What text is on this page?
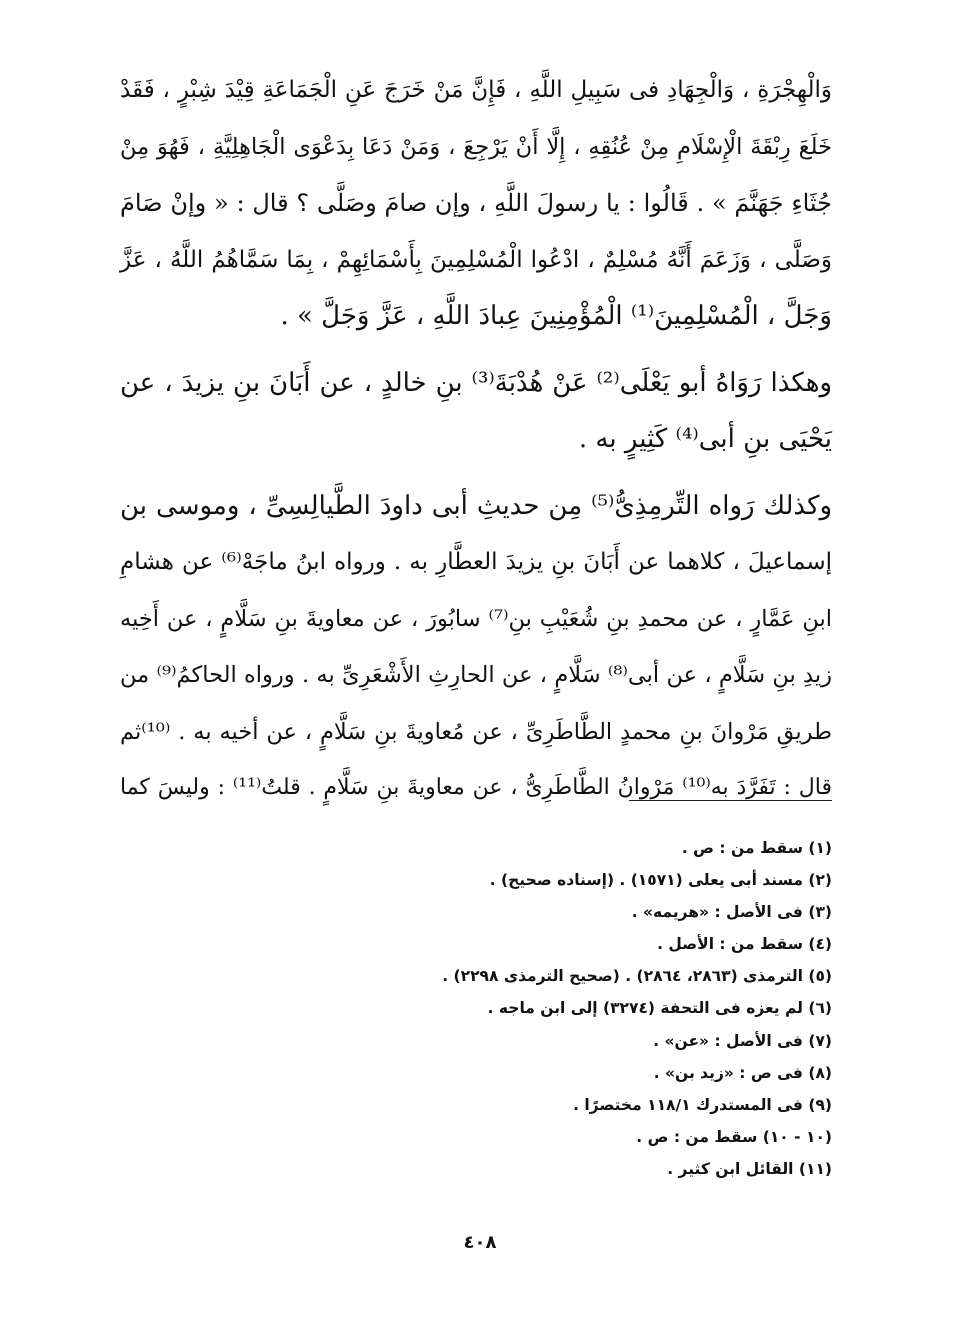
وَالْهِجْرَةِ ، وَالْجِهَادِ فى سَبِيلِ اللَّهِ ، فَإِنَّ مَنْ خَرَجَ عَنِ الْجَمَاعَةِ قِيْدَ شِبْرٍ ، فَقَدْ
خَلَعَ رِبْقَةَ الْإِسْلَامِ مِنْ عُنُقِهِ ، إِلَّا أَنْ يَرْجِعَ ، وَمَنْ دَعَا بِدَعْوَى الْجَاهِلِيَّةِ ، فَهُوَ مِنْ
جُثَاءِ جَهَنَّمَ » . قَالُوا : يا رسولَ اللَّهِ ، وإن صامَ وصَلَّى ؟ قال : « وإنْ صَامَ
وَصَلَّى ، وَزَعَمَ أَنَّهُ مُسْلِمٌ ، ادْعُوا الْمُسْلِمِينَ بِأَسْمَائِهِمْ ، بِمَا سَمَّاهُمُ اللَّهُ ، عَزَّ
وَجَلَّ ، الْمُسْلِمِينَ⁽¹⁾ الْمُؤْمِنِينَ عِبادَ اللَّهِ ، عَزَّ وَجَلَّ » .

وهكذا رَوَاهُ أبو يَعْلَى⁽²⁾ عَنْ هُدْبَةَ⁽³⁾ بنِ خالدٍ ، عن أَبَانَ بنِ يزيدَ ، عن
يَحْيَى بنِ أبى⁽⁴⁾ كَثِيرٍ به .

وكذلك رَواه التِّرمِذِىُّ⁽⁵⁾ مِن حديثِ أبى داودَ الطَّيالِسِىِّ ، وموسى بن
إسماعيلَ ، كلاهما عن أَبَانَ بنِ يزيدَ العطَّارِ به . ورواه ابنُ ماجَهْ⁽⁶⁾ عن هشامِ
ابنِ عَمَّارٍ ، عن محمدِ بنِ شُعَيْبِ بنِ⁽⁷⁾ سابُورَ ، عن معاويةَ بنِ سَلَّامٍ ، عن أَخِيه
زيدِ بنِ سَلَّامٍ ، عن أبى⁽⁸⁾ سَلَّامٍ ، عن الحارِثِ الأَشْعَرِىِّ به . ورواه الحاكمُ⁽⁹⁾ من
طريقِ مَرْوانَ بنِ محمدٍ الطَّاطَرِىِّ ، عن مُعاويةَ بنِ سَلَّامٍ ، عن أخيه به . ⁽¹⁰⁾ثم
قال : تَفَرَّدَ به⁽¹⁰⁾ مَرْوانُ الطَّاطَرِىُّ ، عن معاويةَ بنِ سَلَّامٍ . قلتُ⁽¹¹⁾ : وليسَ كما

(١) سقط من : ص .
(٢) مسند أبى يعلى (١٥٧١) . (إسناده صحيح) .
(٣) فى الأصل : «هريمه» .
(٤) سقط من : الأصل .
(٥) الترمذى (٢٨٦٣، ٢٨٦٤) . (صحيح الترمذى ٢٢٩٨) .
(٦) لم يعزه فى التحفة (٣٢٧٤) إلى ابن ماجه .
(٧) فى الأصل : «عن» .
(٨) فى ص : «زيد بن» .
(٩) فى المستدرك ١١٨/١ مختصرًا .
(١٠ - ١٠) سقط من : ص .
(١١) القائل ابن كثير .
٤٠٨
